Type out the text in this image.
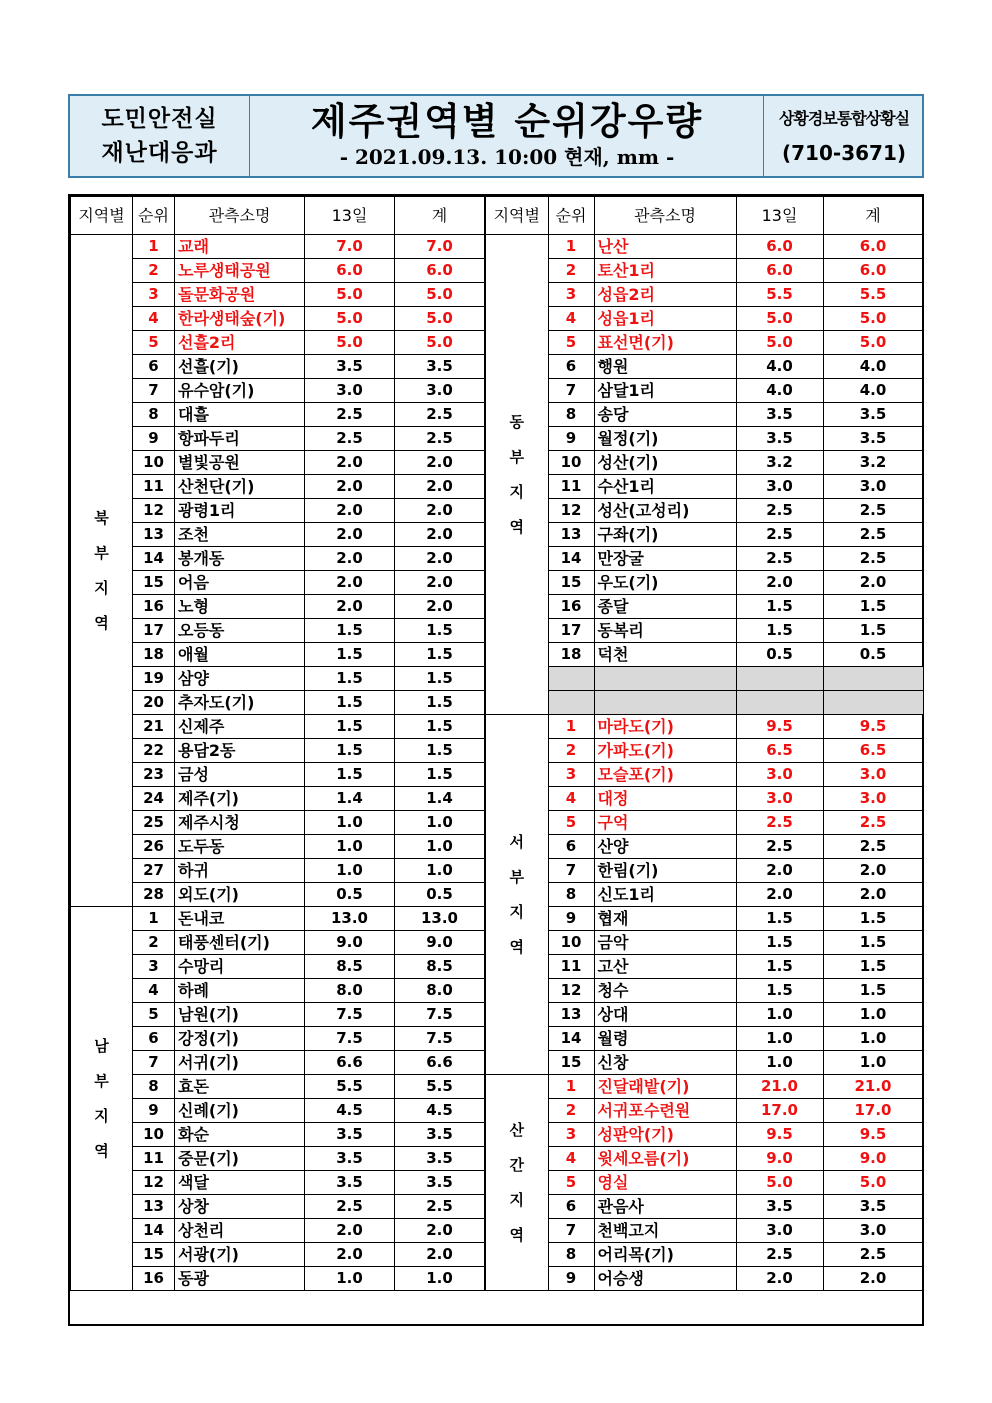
도민안전실
재난대응과
제주권역별 순위강우량
- 2021.09.13. 10:00 현재, mm -
상황경보통합상황실
(710-3671)
지역별	순위	관측소명	13일	계

북
부
지
역	1	교래	7.0	7.0
	2	노루생태공원	6.0	6.0
	3	돌문화공원	5.0	5.0
	4	한라생태숲(기)	5.0	5.0
	5	선흘2리	5.0	5.0
	6	선흘(기)	3.5	3.5
	7	유수암(기)	3.0	3.0
	8	대흘	2.5	2.5
	9	항파두리	2.5	2.5
	10	별빛공원	2.0	2.0
	11	산천단(기)	2.0	2.0
	12	광령1리	2.0	2.0
	13	조천	2.0	2.0
	14	봉개동	2.0	2.0
	15	어음	2.0	2.0
	16	노형	2.0	2.0
	17	오등동	1.5	1.5
	18	애월	1.5	1.5
	19	삼양	1.5	1.5
	20	추자도(기)	1.5	1.5
	21	신제주	1.5	1.5
	22	용담2동	1.5	1.5
	23	금성	1.5	1.5
	24	제주(기)	1.4	1.4
	25	제주시청	1.0	1.0
	26	도두동	1.0	1.0
	27	하귀	1.0	1.0
	28	외도(기)	0.5	0.5

남
부
지
역	1	돈내코	13.0	13.0
	2	태풍센터(기)	9.0	9.0
	3	수망리	8.5	8.5
	4	하례	8.0	8.0
	5	남원(기)	7.5	7.5
	6	강정(기)	7.5	7.5
	7	서귀(기)	6.6	6.6
	8	효돈	5.5	5.5
	9	신례(기)	4.5	4.5
	10	화순	3.5	3.5
	11	중문(기)	3.5	3.5
	12	색달	3.5	3.5
	13	상창	2.5	2.5
	14	상천리	2.0	2.0
	15	서광(기)	2.0	2.0
	16	동광	1.0	1.0
지역별	순위	관측소명	13일	계

동
부
지
역	1	난산	6.0	6.0
	2	토산1리	6.0	6.0
	3	성읍2리	5.5	5.5
	4	성읍1리	5.0	5.0
	5	표선면(기)	5.0	5.0
	6	행원	4.0	4.0
	7	삼달1리	4.0	4.0
	8	송당	3.5	3.5
	9	월정(기)	3.5	3.5
	10	성산(기)	3.2	3.2
	11	수산1리	3.0	3.0
	12	성산(고성리)	2.5	2.5
	13	구좌(기)	2.5	2.5
	14	만장굴	2.5	2.5
	15	우도(기)	2.0	2.0
	16	종달	1.5	1.5
	17	동복리	1.5	1.5
	18	덕천	0.5	0.5

서
부
지
역	1	마라도(기)	9.5	9.5
	2	가파도(기)	6.5	6.5
	3	모슬포(기)	3.0	3.0
	4	대정	3.0	3.0
	5	구억	2.5	2.5
	6	산양	2.5	2.5
	7	한림(기)	2.0	2.0
	8	신도1리	2.0	2.0
	9	협재	1.5	1.5
	10	금악	1.5	1.5
	11	고산	1.5	1.5
	12	청수	1.5	1.5
	13	상대	1.0	1.0
	14	월령	1.0	1.0
	15	신창	1.0	1.0

산
간
지
역	1	진달래밭(기)	21.0	21.0
	2	서귀포수련원	17.0	17.0
	3	성판악(기)	9.5	9.5
	4	윗세오름(기)	9.0	9.0
	5	영실	5.0	5.0
	6	관음사	3.5	3.5
	7	천백고지	3.0	3.0
	8	어리목(기)	2.5	2.5
	9	어승생	2.0	2.0
